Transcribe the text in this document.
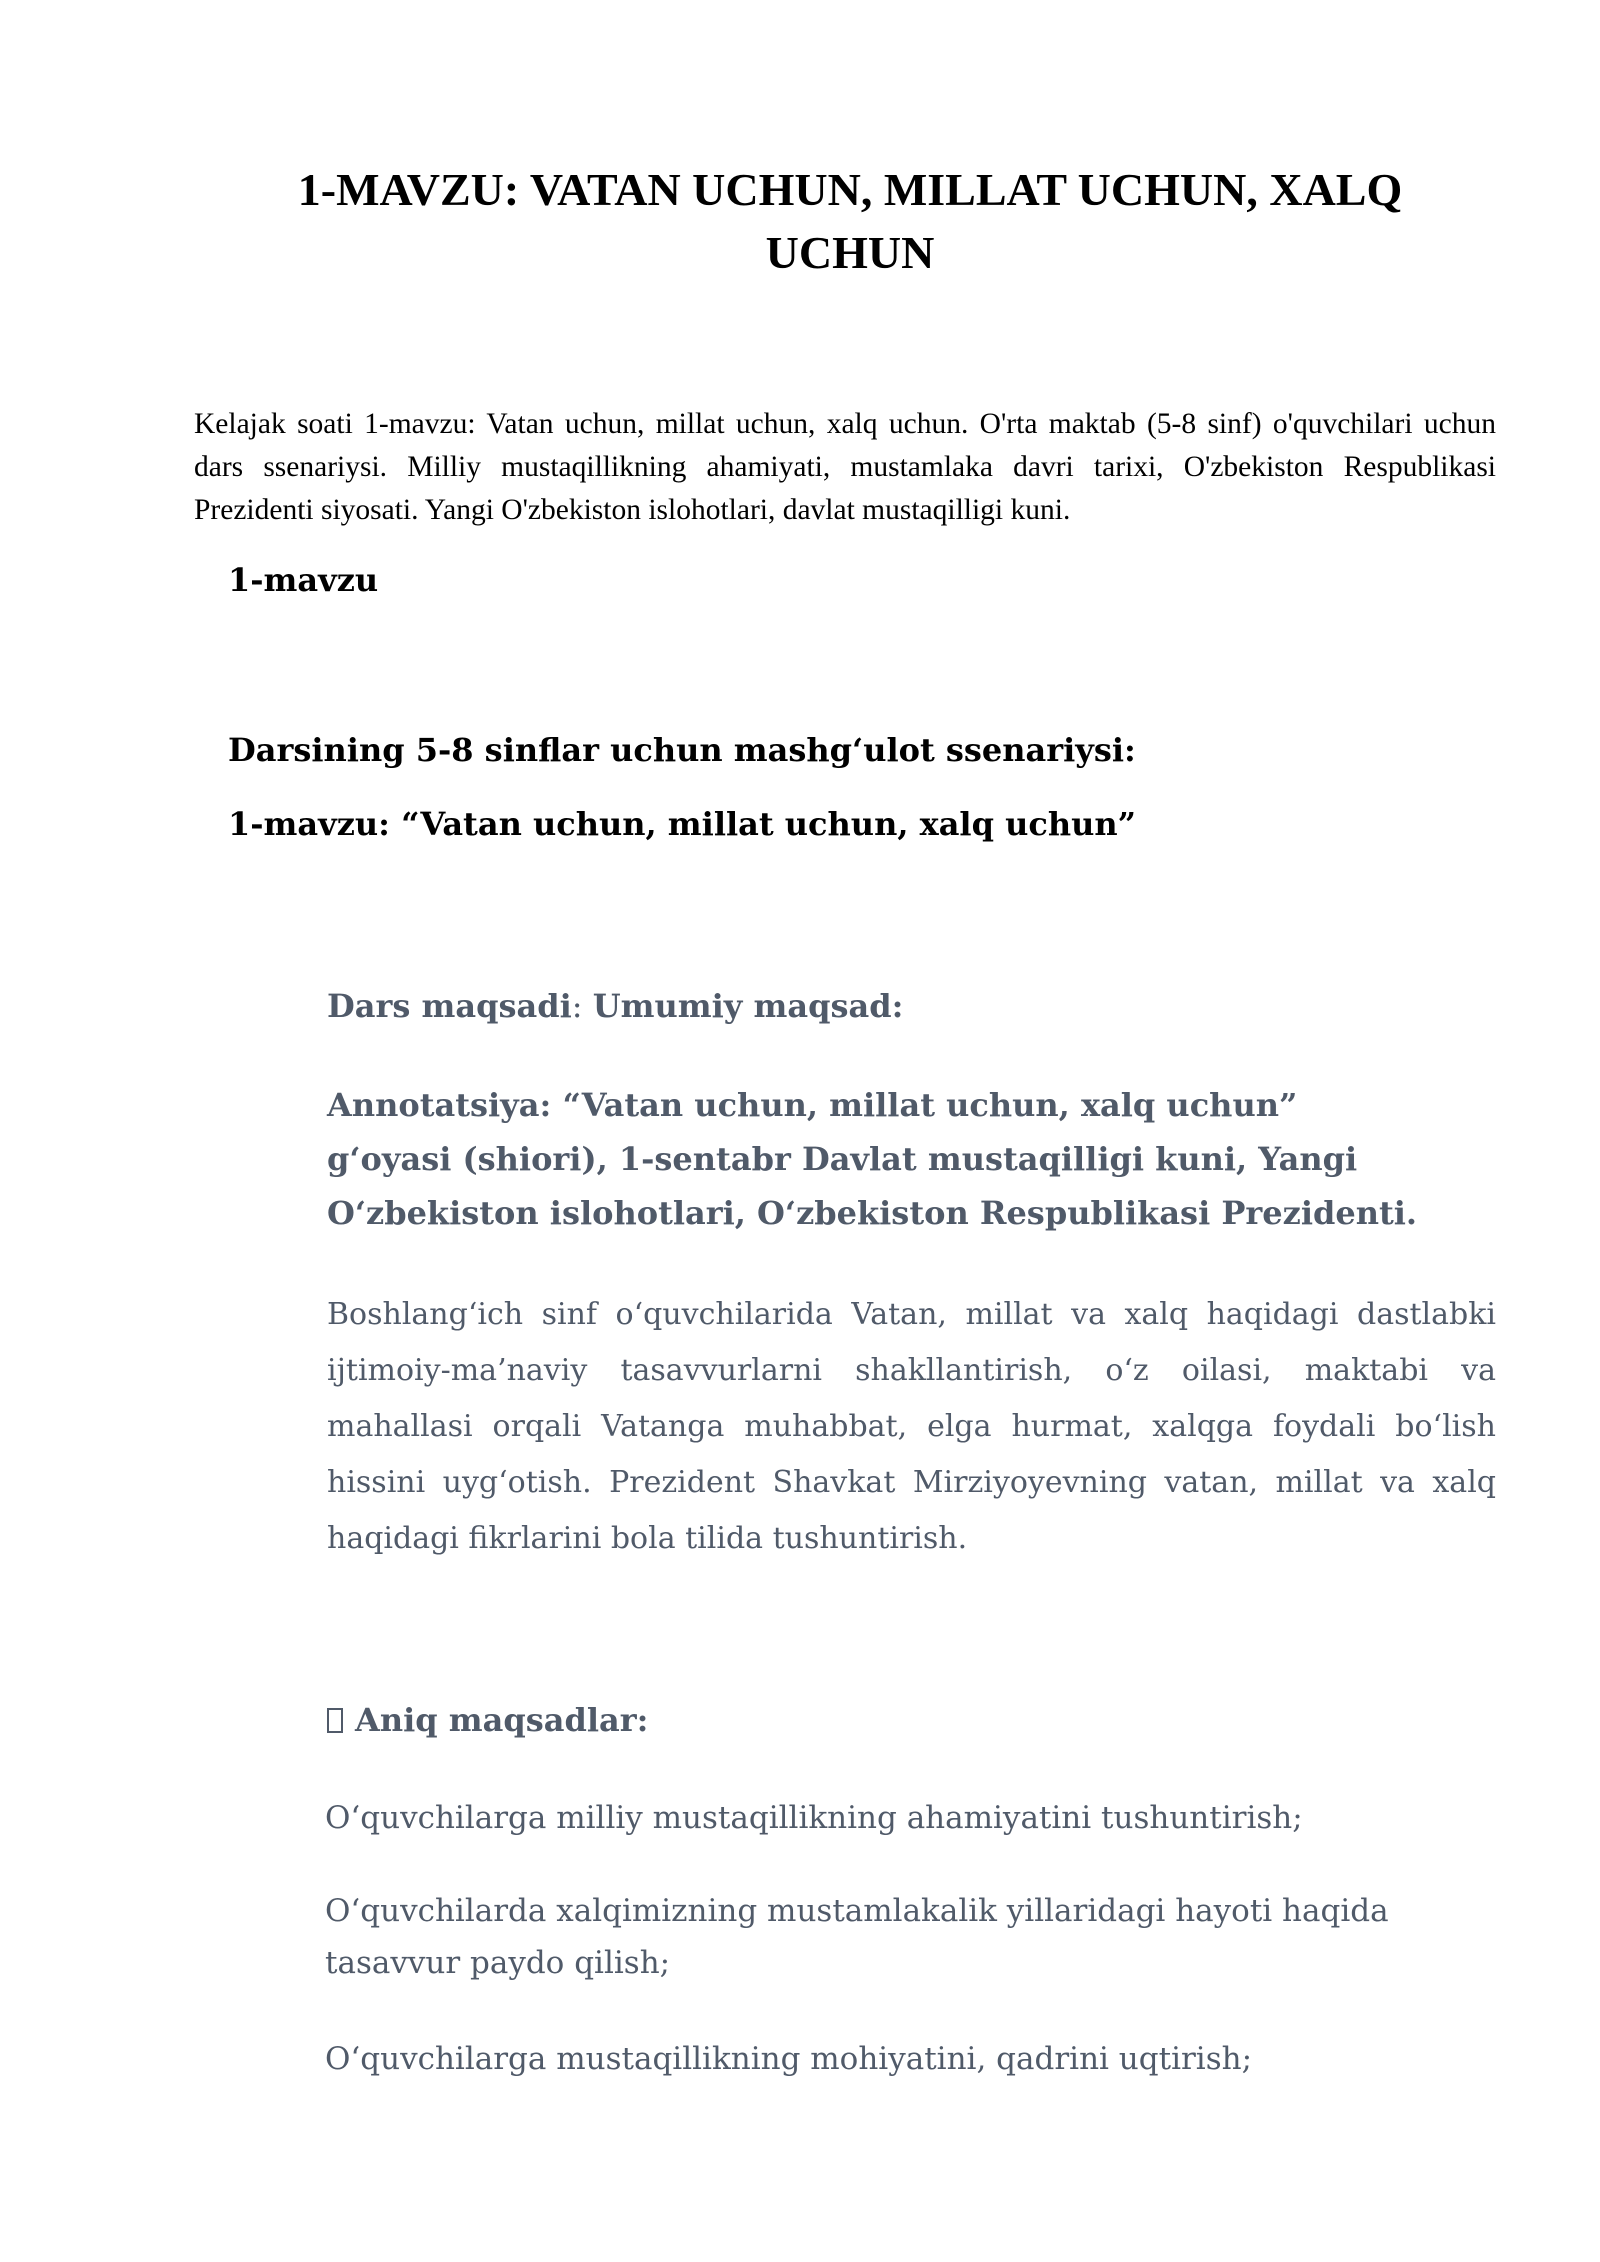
1-MAVZU: VATAN UCHUN, MILLAT UCHUN, XALQ UCHUN

Kelajak soati 1-mavzu: Vatan uchun, millat uchun, xalq uchun. O'rta maktab (5-8 sinf) o'quvchilari uchun dars ssenariysi. Milliy mustaqillikning ahamiyati, mustamlaka davri tarixi, O'zbekiston Respublikasi Prezidenti siyosati. Yangi O'zbekiston islohotlari, davlat mustaqilligi kuni.

1-mavzu
Darsining 5-8 sinflar uchun mashg‘ulot ssenariysi:
1-mavzu: “Vatan uchun, millat uchun, xalq uchun”

Dars maqsadi: Umumiy maqsad:

Annotatsiya: “Vatan uchun, millat uchun, xalq uchun” g‘oyasi (shiori), 1-sentabr Davlat mustaqilligi kuni, Yangi O‘zbekiston islohotlari, O‘zbekiston Respublikasi Prezidenti.

Boshlang‘ich sinf o‘quvchilarida Vatan, millat va xalq haqidagi dastlabki ijtimoiy-ma’naviy tasavvurlarni shakllantirish, o‘z oilasi, maktabi va mahallasi orqali Vatanga muhabbat, elga hurmat, xalqga foydali bo‘lish hissini uyg‘otish. Prezident Shavkat Mirziyoyevning vatan, millat va xalq haqidagi fikrlarini bola tilida tushuntirish.

Aniq maqsadlar:

O‘quvchilarga milliy mustaqillikning ahamiyatini tushuntirish;

O‘quvchilarda xalqimizning mustamlakalik yillaridagi hayoti haqida tasavvur paydo qilish;

O‘quvchilarga mustaqillikning mohiyatini, qadrini uqtirish;
